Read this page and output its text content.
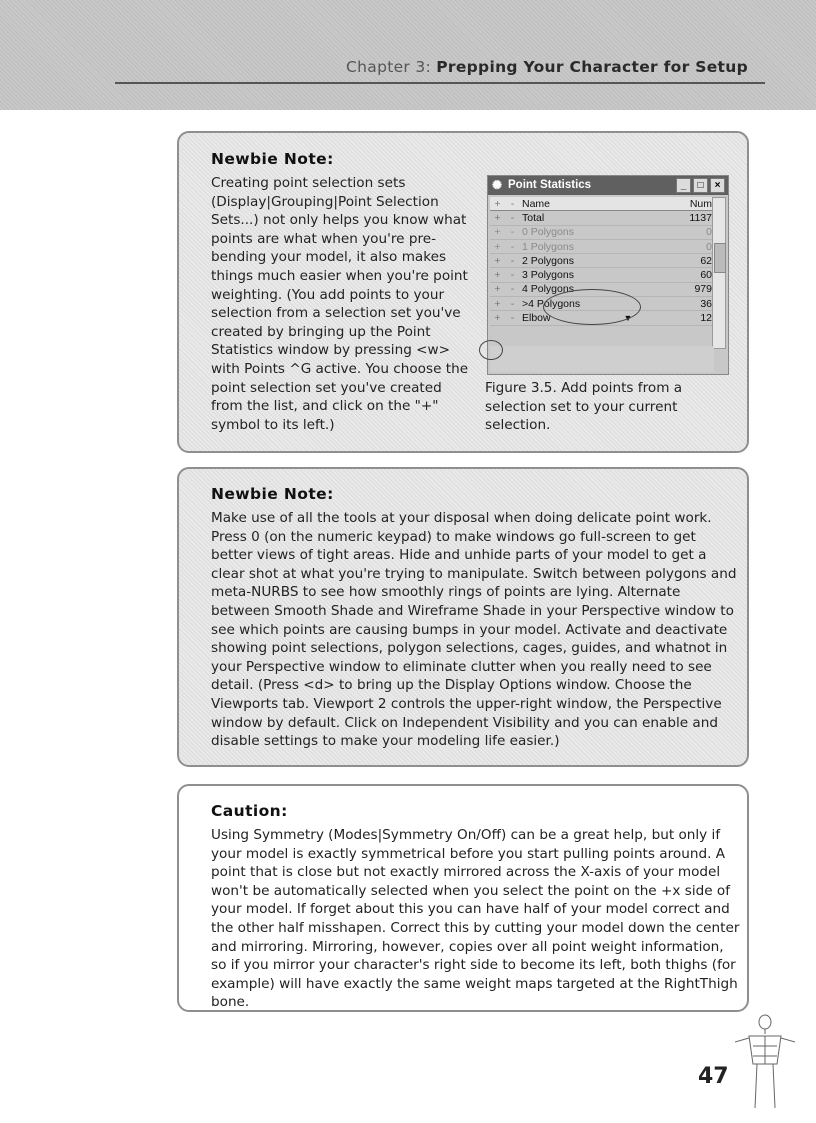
Chapter 3: Prepping Your Character for Setup
Newbie Note:

Creating point selection sets (Display|Grouping|Point Selection Sets...) not only helps you know what points are what when you're pre-bending your model, it also makes things much easier when you're point weighting. (You add points to your selection from a selection set you've created by bringing up the Point Statistics window by pressing <w> with Points ^G active. You choose the point selection set you've created from the list, and click on the "+" symbol to its left.)

✺ Point Statistics	_ □ ×
+	-	Name	Num
+	-	Total	1137
+	-	0 Polygons	0
+	-	1 Polygons	0
+	-	2 Polygons	62
+	-	3 Polygons	60
+	-	4 Polygons	979
+	-	>4 Polygons	36
+	-	Elbow ▼	12

Figure 3.5. Add points from a selection set to your current selection.

Newbie Note:

Make use of all the tools at your disposal when doing delicate point work. Press 0 (on the numeric keypad) to make windows go full-screen to get better views of tight areas. Hide and unhide parts of your model to get a clear shot at what you're trying to manipulate. Switch between polygons and meta-NURBS to see how smoothly rings of points are lying. Alternate between Smooth Shade and Wireframe Shade in your Perspective window to see which points are causing bumps in your model. Activate and deactivate showing point selections, polygon selections, cages, guides, and whatnot in your Perspective window to eliminate clutter when you really need to see detail. (Press <d> to bring up the Display Options window. Choose the Viewports tab. Viewport 2 controls the upper-right window, the Perspective window by default. Click on Independent Visibility and you can enable and disable settings to make your modeling life easier.)

Caution:

Using Symmetry (Modes|Symmetry On/Off) can be a great help, but only if your model is exactly symmetrical before you start pulling points around. A point that is close but not exactly mirrored across the X-axis of your model won't be automatically selected when you select the point on the +x side of your model. If forget about this you can have half of your model correct and the other half misshapen. Correct this by cutting your model down the center and mirroring. Mirroring, however, copies over all point weight information, so if you mirror your character's right side to become its left, both thighs (for example) will have exactly the same weight maps targeted at the RightThigh bone.

47
